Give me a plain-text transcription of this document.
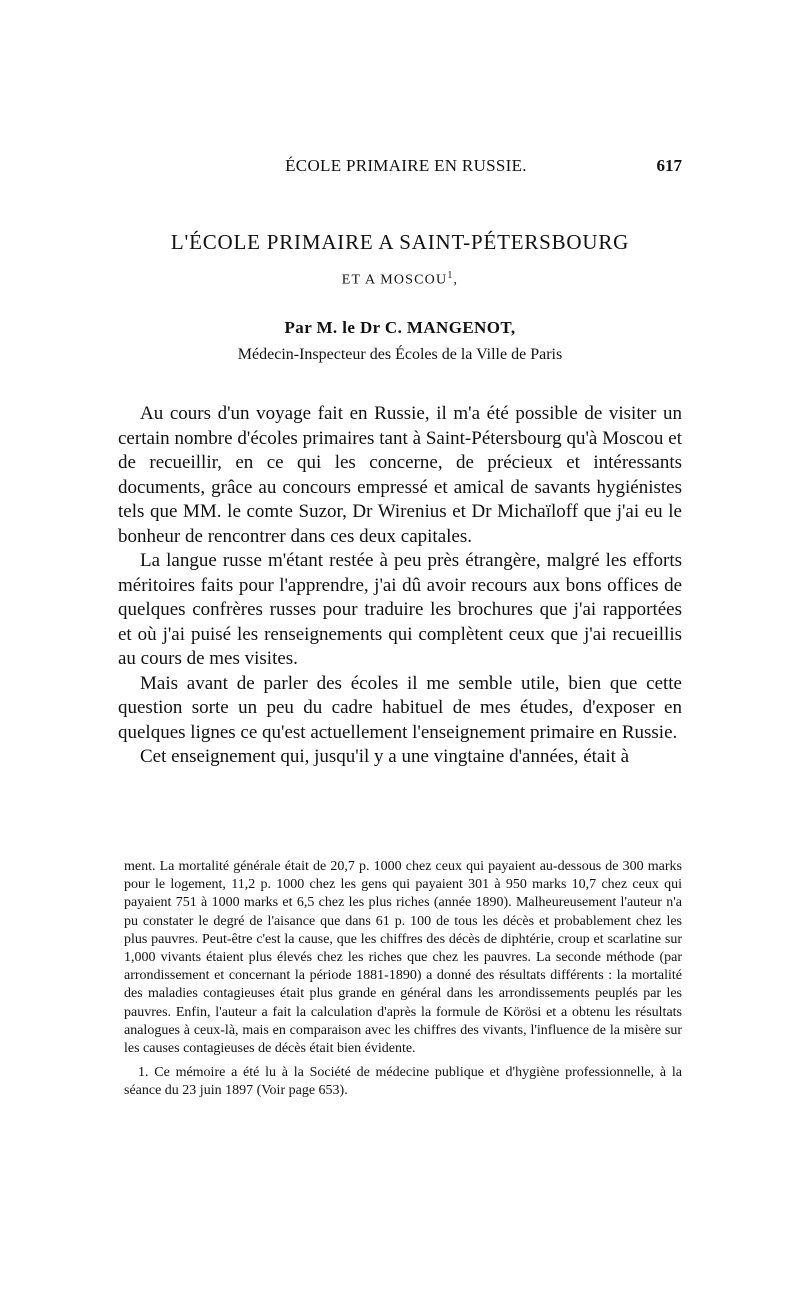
ÉCOLE PRIMAIRE EN RUSSIE.	617
L'ÉCOLE PRIMAIRE A SAINT-PÉTERSBOURG
ET A MOSCOU$^1$,
Par M. le Dr C. MANGENOT,
Médecin-Inspecteur des Écoles de la Ville de Paris

Au cours d'un voyage fait en Russie, il m'a été possible de visiter un certain nombre d'écoles primaires tant à Saint-Pétersbourg qu'à Moscou et de recueillir, en ce qui les concerne, de précieux et intéressants documents, grâce au concours empressé et amical de savants hygiénistes tels que MM. le comte Suzor, Dr Wirenius et Dr Michaïloff que j'ai eu le bonheur de rencontrer dans ces deux capitales.

La langue russe m'étant restée à peu près étrangère, malgré les efforts méritoires faits pour l'apprendre, j'ai dû avoir recours aux bons offices de quelques confrères russes pour traduire les brochures que j'ai rapportées et où j'ai puisé les renseignements qui complètent ceux que j'ai recueillis au cours de mes visites.

Mais avant de parler des écoles il me semble utile, bien que cette question sorte un peu du cadre habituel de mes études, d'exposer en quelques lignes ce qu'est actuellement l'enseignement primaire en Russie.

Cet enseignement qui, jusqu'il y a une vingtaine d'années, était à

ment. La mortalité générale était de 20,7 p. 1000 chez ceux qui payaient au-dessous de 300 marks pour le logement, 11,2 p. 1000 chez les gens qui payaient 301 à 950 marks 10,7 chez ceux qui payaient 751 à 1000 marks et 6,5 chez les plus riches (année 1890). Malheureusement l'auteur n'a pu constater le degré de l'aisance que dans 61 p. 100 de tous les décès et probablement chez les plus pauvres. Peut-être c'est la cause, que les chiffres des décès de diphtérie, croup et scarlatine sur 1,000 vivants étaient plus élevés chez les riches que chez les pauvres. La seconde méthode (par arrondissement et concernant la période 1881-1890) a donné des résultats différents : la mortalité des maladies contagieuses était plus grande en général dans les arrondissements peuplés par les pauvres. Enfin, l'auteur a fait la calculation d'après la formule de Körösi et a obtenu les résultats analogues à ceux-là, mais en comparaison avec les chiffres des vivants, l'influence de la misère sur les causes contagieuses de décès était bien évidente.

1. Ce mémoire a été lu à la Société de médecine publique et d'hygiène professionnelle, à la séance du 23 juin 1897 (Voir page 653).
